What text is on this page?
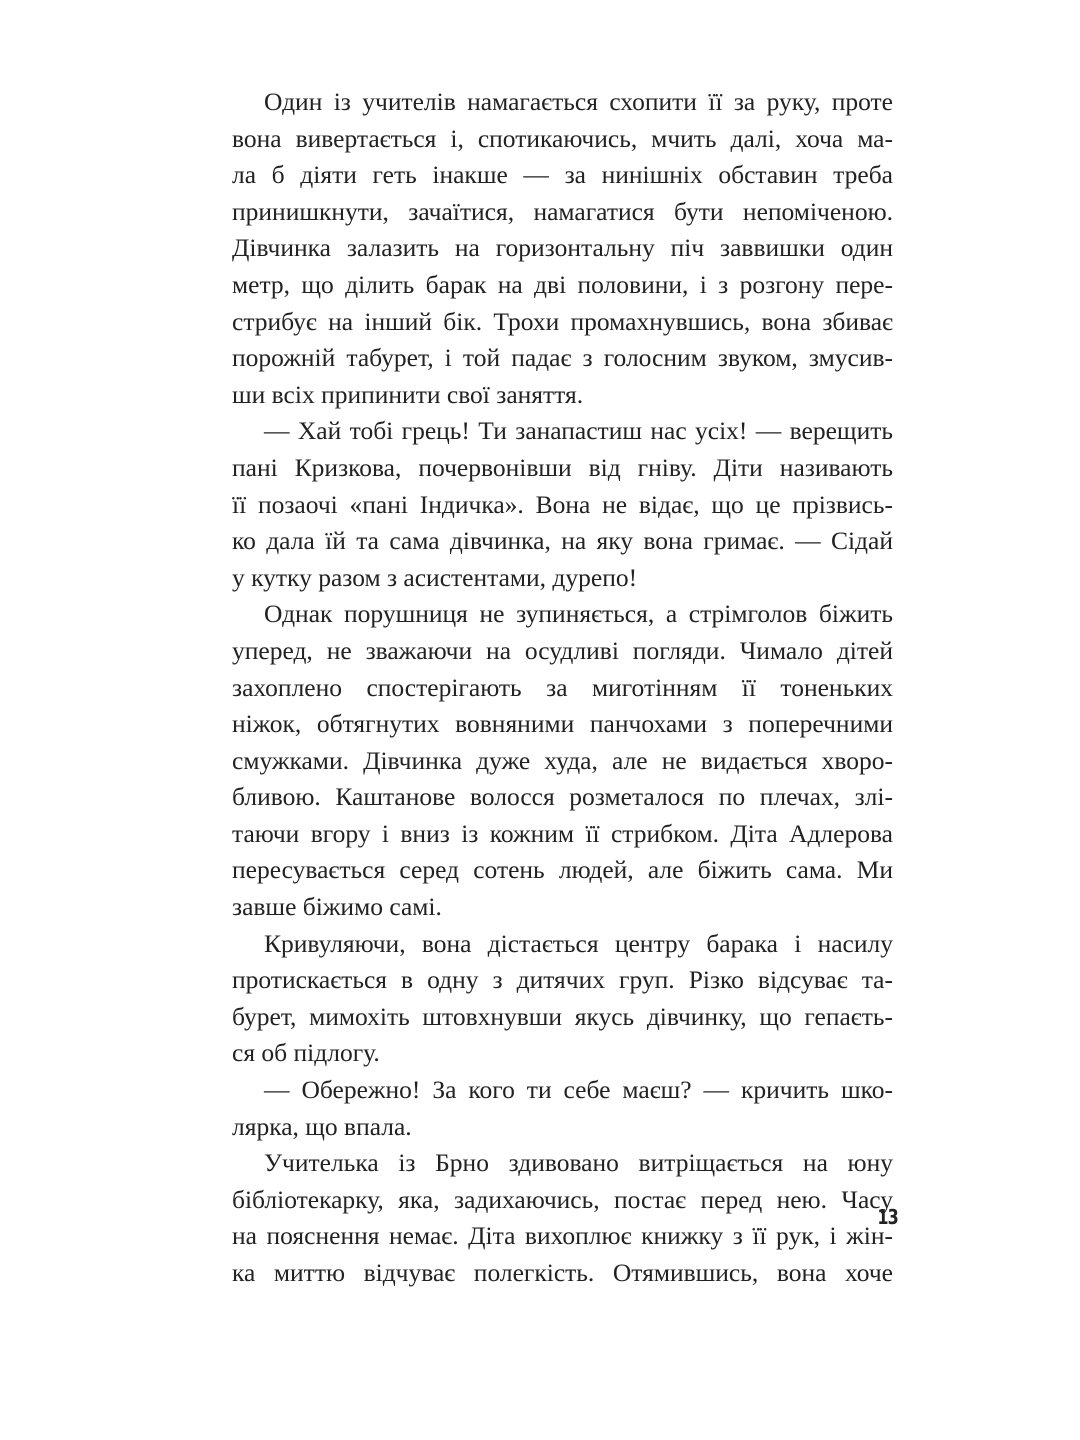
Один із учителів намагається схопити її за руку, проте
вона вивертається і, спотикаючись, мчить далі, хоча ма-
ла б діяти геть інакше — за нинішніх обставин треба
принишкнути, зачаїтися, намагатися бути непоміченою.
Дівчинка залазить на горизонтальну піч заввишки один
метр, що ділить барак на дві половини, і з розгону пере-
стрибує на інший бік. Трохи промахнувшись, вона збиває
порожній табурет, і той падає з голосним звуком, змусив-
ши всіх припинити свої заняття.
— Хай тобі грець! Ти занапастиш нас усіх! — верещить
пані Кризкова, почервонівши від гніву. Діти називають
її позаочі «пані Індичка». Вона не відає, що це прізвись-
ко дала їй та сама дівчинка, на яку вона гримає. — Сідай
у кутку разом з асистентами, дурепо!
Однак порушниця не зупиняється, а стрімголов біжить
уперед, не зважаючи на осудливі погляди. Чимало дітей
захоплено спостерігають за миготінням її тоненьких
ніжок, обтягнутих вовняними панчохами з поперечними
смужками. Дівчинка дуже худа, але не видається хворо-
бливою. Каштанове волосся розметалося по плечах, злі-
таючи вгору і вниз із кожним її стрибком. Діта Адлерова
пересувається серед сотень людей, але біжить сама. Ми
завше біжимо самі.
Кривуляючи, вона дістається центру барака і насилу
протискається в одну з дитячих груп. Різко відсуває та-
бурет, мимохіть штовхнувши якусь дівчинку, що гепаєть-
ся об підлогу.
— Обережно! За кого ти себе маєш? — кричить шко-
лярка, що впала.
Учителька із Брно здивовано витріщається на юну
бібліотекарку, яка, задихаючись, постає перед нею. Часу
на пояснення немає. Діта вихоплює книжку з її рук, і жін-
ка миттю відчуває полегкість. Отямившись, вона хоче
13
